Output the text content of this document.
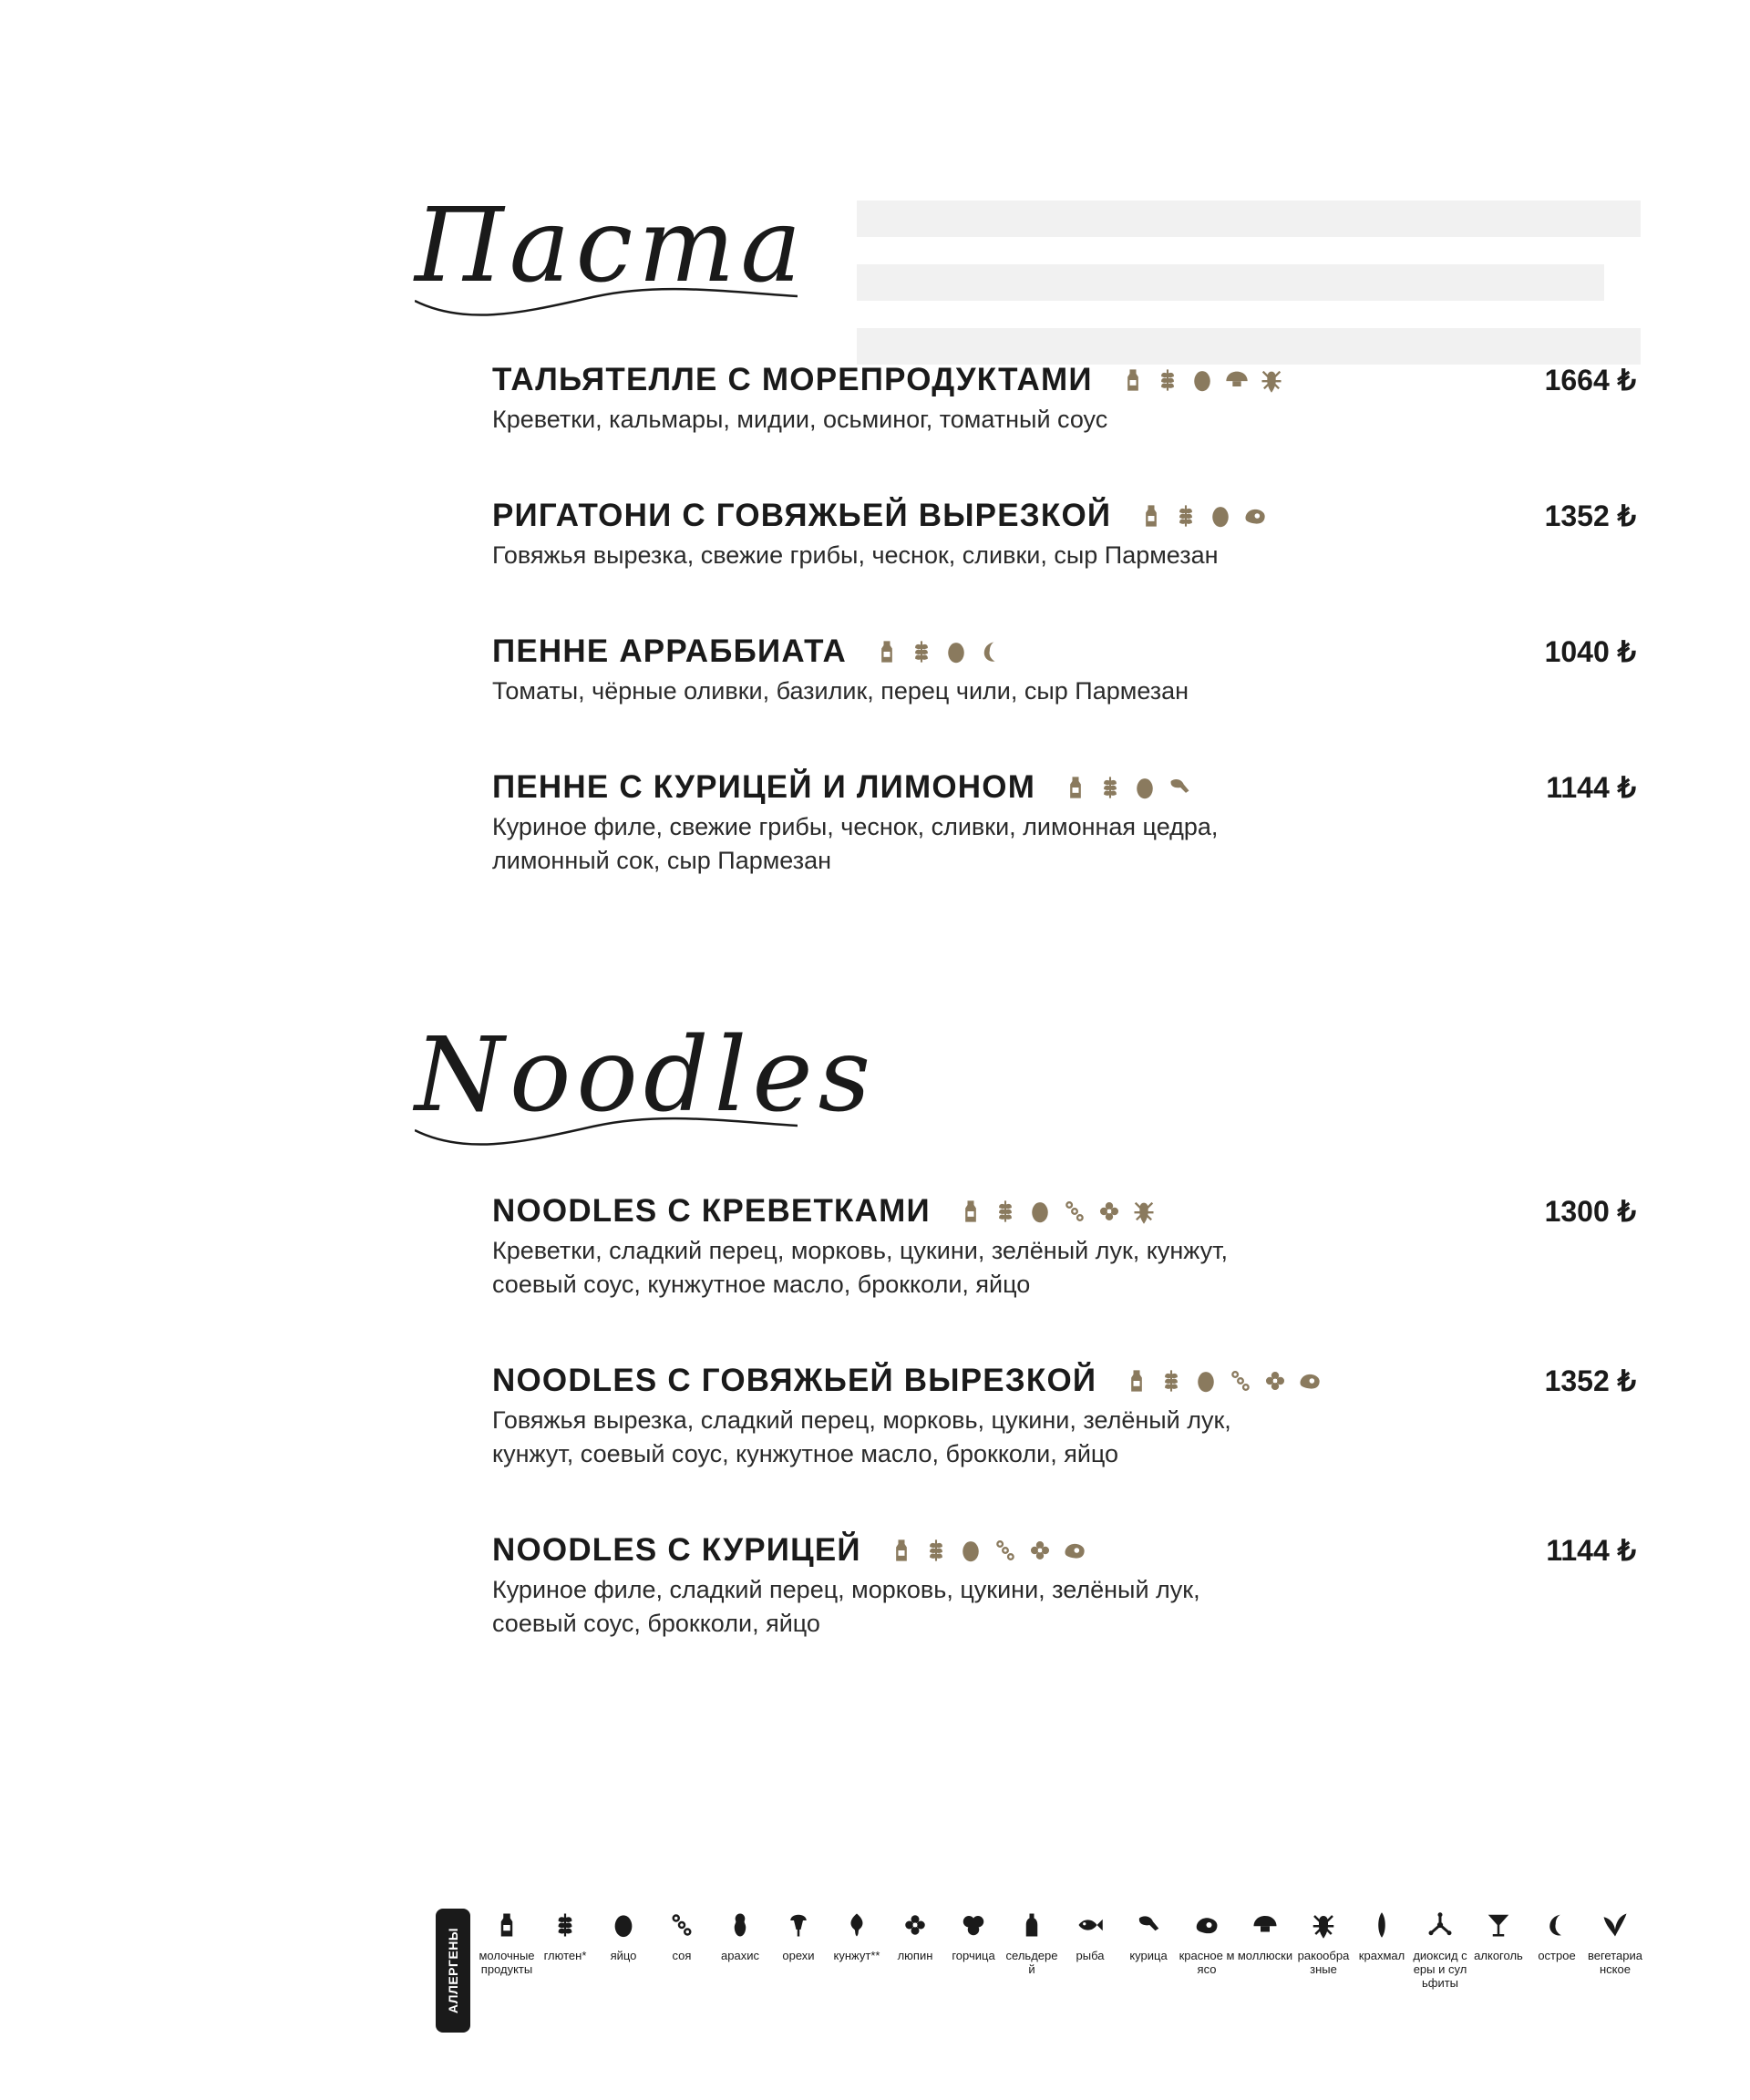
Паста
ТАЛЬЯТЕЛЛЕ С МОРЕПРОДУКТАМИ	1664 ₺
Креветки, кальмары, мидии, осьминог, томатный соус
РИГАТОНИ С ГОВЯЖЬЕЙ ВЫРЕЗКОЙ	1352 ₺
Говяжья вырезка, свежие грибы, чеснок, сливки, сыр Пармезан
ПЕННЕ АРРАББИАТА	1040 ₺
Томаты, чёрные оливки, базилик, перец чили, сыр Пармезан
ПЕННЕ С КУРИЦЕЙ И ЛИМОНОМ	1144 ₺
Куриное филе, свежие грибы, чеснок, сливки, лимонная цедра,
лимонный сок, сыр Пармезан
Noodles
NOODLES С КРЕВЕТКАМИ	1300 ₺
Креветки, сладкий перец, морковь, цукини, зелёный лук, кунжут,
соевый соус, кунжутное масло, брокколи, яйцо
NOODLES С ГОВЯЖЬЕЙ ВЫРЕЗКОЙ	1352 ₺
Говяжья вырезка, сладкий перец, морковь, цукини, зелёный лук,
кунжут, соевый соус, кунжутное масло, брокколи, яйцо
NOODLES С КУРИЦЕЙ	1144 ₺
Куриное филе, сладкий перец, морковь, цукини, зелёный лук,
соевый соус, брокколи, яйцо
АЛЛЕРГЕНЫ молочные продукты
глютен*	яйцо	соя	арахис	орехи	кунжут**	люпин	горчица сельдерей
рыба	курица красное мясо
моллюски ракообразные
крахмал диоксид серы и сульфиты
алкоголь	острое	вегетарианское
